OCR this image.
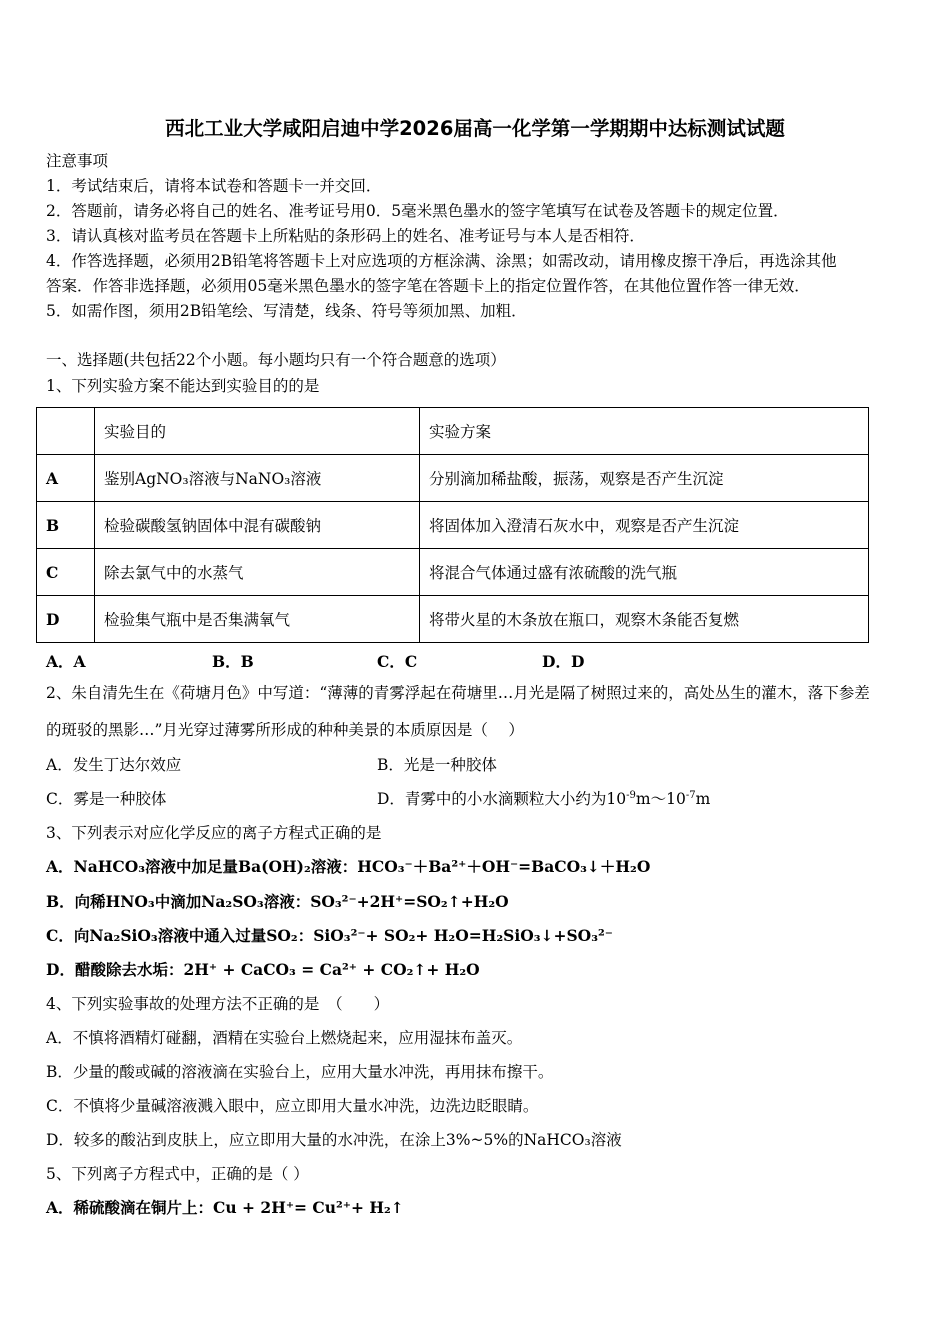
西北工业大学咸阳启迪中学2026届高一化学第一学期期中达标测试试题
注意事项
1．考试结束后，请将本试卷和答题卡一并交回．
2．答题前，请务必将自己的姓名、准考证号用0．5毫米黑色墨水的签字笔填写在试卷及答题卡的规定位置．
3．请认真核对监考员在答题卡上所粘贴的条形码上的姓名、准考证号与本人是否相符．
4．作答选择题，必须用2B铅笔将答题卡上对应选项的方框涂满、涂黑；如需改动，请用橡皮擦干净后，再选涂其他
答案．作答非选择题，必须用05毫米黑色墨水的签字笔在答题卡上的指定位置作答，在其他位置作答一律无效．
5．如需作图，须用2B铅笔绘、写清楚，线条、符号等须加黑、加粗．
一、选择题(共包括22个小题。每小题均只有一个符合题意的选项）
1、下列实验方案不能达到实验目的的是
	实验目的	实验方案
A	鉴别AgNO₃溶液与NaNO₃溶液	分别滴加稀盐酸，振荡，观察是否产生沉淀
B	检验碳酸氢钠固体中混有碳酸钠	将固体加入澄清石灰水中，观察是否产生沉淀
C	除去氯气中的水蒸气	将混合气体通过盛有浓硫酸的洗气瓶
D	检验集气瓶中是否集满氧气	将带火星的木条放在瓶口，观察木条能否复燃
A．A	B．B	C．C	D．D
2、朱自清先生在《荷塘月色》中写道：“薄薄的青雾浮起在荷塘里…月光是隔了树照过来的，高处丛生的灌木，落下参差
的斑驳的黑影…”月光穿过薄雾所形成的种种美景的本质原因是（　 ）
A．发生丁达尔效应	B．光是一种胶体
C．雾是一种胶体	D．青雾中的小水滴颗粒大小约为$10^{-9}m\sim 10^{-7}m$
3、下列表示对应化学反应的离子方程式正确的是
A．NaHCO₃溶液中加足量Ba(OH)₂溶液：HCO₃⁻＋Ba²⁺＋OH⁻=BaCO₃↓＋H₂O
B．向稀HNO₃中滴加Na₂SO₃溶液：SO₃²⁻+2H⁺=SO₂↑+H₂O
C．向Na₂SiO₃溶液中通入过量SO₂：SiO₃²⁻+ SO₂+ H₂O=H₂SiO₃↓+SO₃²⁻
D．醋酸除去水垢：2H⁺ + CaCO₃ = Ca²⁺ + CO₂↑+ H₂O
4、下列实验事故的处理方法不正确的是　（　　）
A．不慎将酒精灯碰翻，酒精在实验台上燃烧起来，应用湿抹布盖灭。
B．少量的酸或碱的溶液滴在实验台上，应用大量水冲洗，再用抹布擦干。
C．不慎将少量碱溶液溅入眼中，应立即用大量水冲洗，边洗边眨眼睛。
D．较多的酸沾到皮肤上，应立即用大量的水冲洗，在涂上3%~5%的NaHCO₃溶液
5、下列离子方程式中，正确的是（ ）
A．稀硫酸滴在铜片上：Cu + 2H⁺= Cu²⁺+ H₂↑
